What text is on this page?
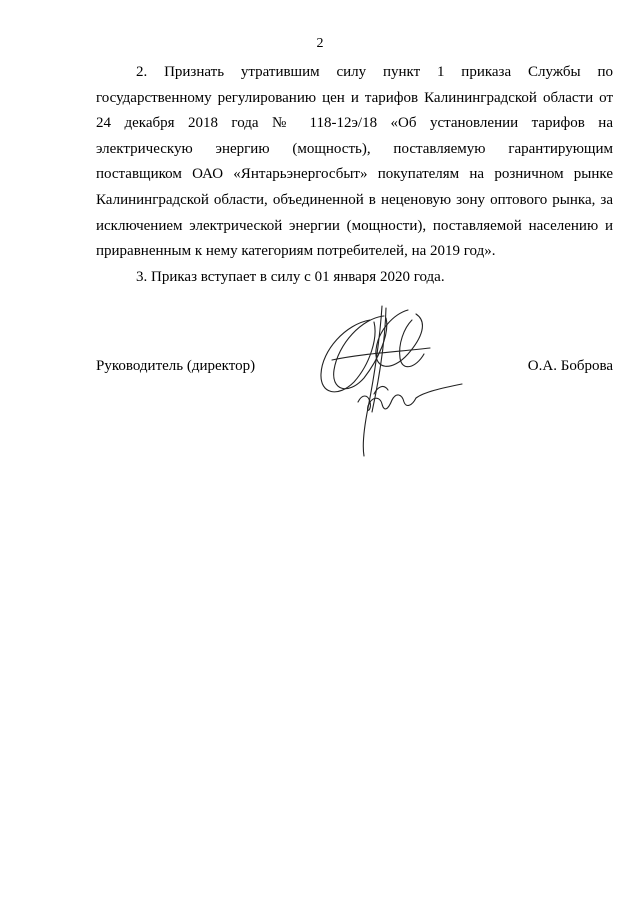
2

2. Признать утратившим силу пункт 1 приказа Службы по государственному регулированию цен и тарифов Калининградской области от 24 декабря 2018 года № 118-12э/18 «Об установлении тарифов на электрическую энергию (мощность), поставляемую гарантирующим поставщиком ОАО «Янтарьэнергосбыт» покупателям на розничном рынке Калининградской области, объединенной в неценовую зону оптового рынка, за исключением электрической энергии (мощности), поставляемой населению и приравненным к нему категориям потребителей, на 2019 год».

3. Приказ вступает в силу с 01 января 2020 года.

Руководитель (директор)	О.А. Боброва
